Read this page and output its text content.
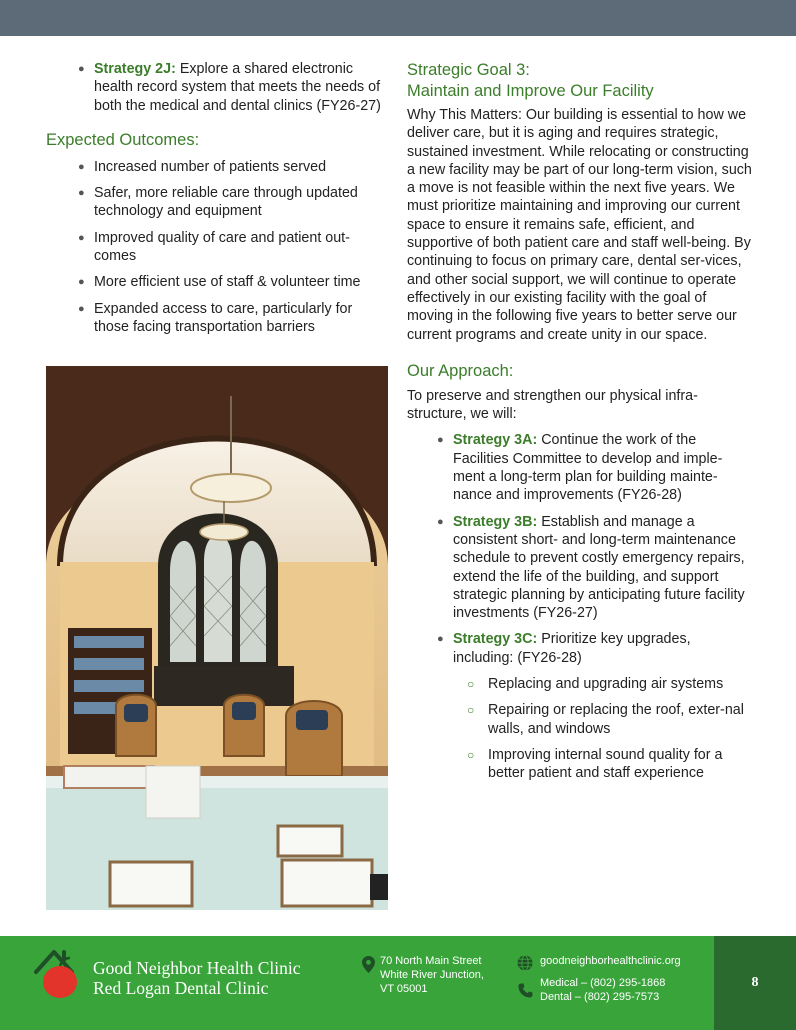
● Strategy 2J: Explore a shared electronic health record system that meets the needs of both the medical and dental clinics (FY26-27)
Expected Outcomes:
● Increased number of patients served
● Safer, more reliable care through updated technology and equipment
● Improved quality of care and patient out-comes
● More efficient use of staff & volunteer time
● Expanded access to care, particularly for those facing transportation barriers
Strategic Goal 3:
Maintain and Improve Our Facility

Why This Matters: Our building is essential to how we deliver care, but it is aging and requires strategic, sustained investment. While relocating or constructing a new facility may be part of our long-term vision, such a move is not feasible within the next five years. We must prioritize maintaining and improving our current space to ensure it remains safe, efficient, and supportive of both patient care and staff well-being. By continuing to focus on primary care, dental ser-vices, and other social support, we will continue to operate effectively in our existing facility with the goal of moving in the following five years to better serve our current programs and create unity in our space.

Our Approach:

To preserve and strengthen our physical infra-structure, we will:

● Strategy 3A: Continue the work of the Facilities Committee to develop and imple-ment a long-term plan for building mainte-nance and improvements (FY26-28)
● Strategy 3B: Establish and manage a consistent short- and long-term maintenance schedule to prevent costly emergency repairs, extend the life of the building, and support strategic planning by anticipating future facility investments (FY26-27)
● Strategy 3C: Prioritize key upgrades, including: (FY26-28)
○ Replacing and upgrading air systems
○ Repairing or replacing the roof, exter-nal walls, and windows
○ Improving internal sound quality for a better patient and staff experience
Good Neighbor Health Clinic
Red Logan Dental Clinic
70 North Main Street
White River Junction,
VT 05001
goodneighborhealthclinic.org
Medical – (802) 295-1868
Dental – (802) 295-7573
8
